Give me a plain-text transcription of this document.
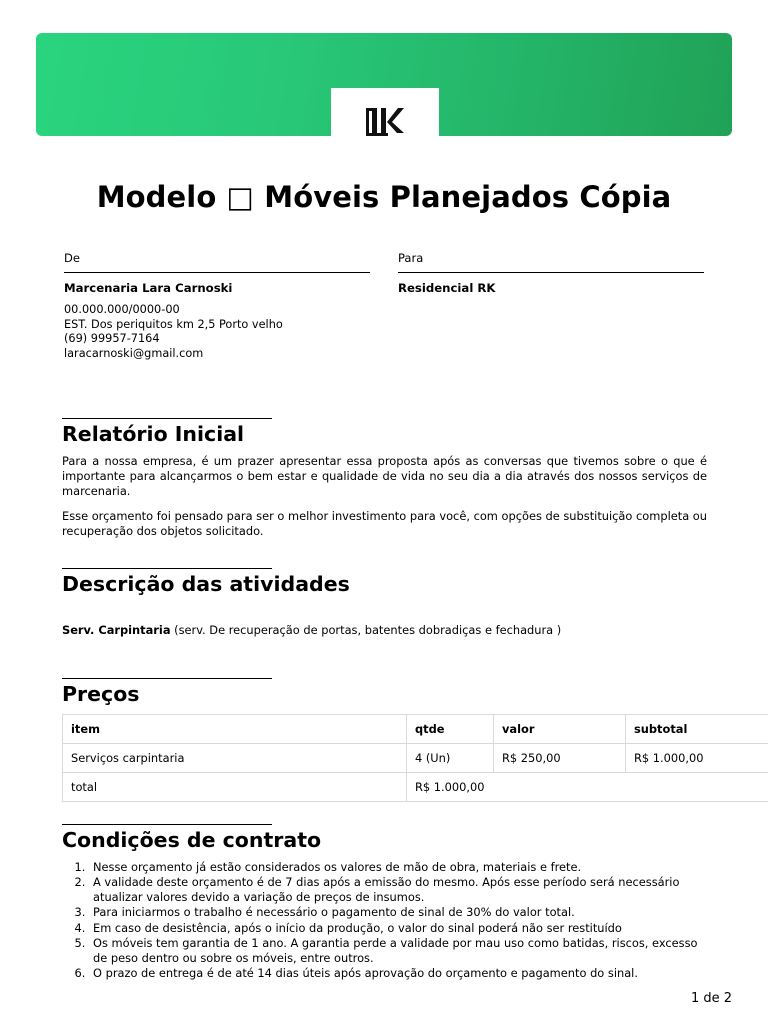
Modelo □ Móveis Planejados Cópia
De
Marcenaria Lara Carnoski
00.000.000/0000-00
EST. Dos periquitos km 2,5 Porto velho
(69) 99957-7164
laracarnoski@gmail.com
Para
Residencial RK
Relatório Inicial

Para a nossa empresa, é um prazer apresentar essa proposta após as conversas que tivemos sobre o que é importante para alcançarmos o bem estar e qualidade de vida no seu dia a dia através dos nossos serviços de marcenaria.

Esse orçamento foi pensado para ser o melhor investimento para você, com opções de substituição completa ou recuperação dos objetos solicitado.

Descrição das atividades
Serv. Carpintaria (serv. De recuperação de portas, batentes dobradiças e fechadura )
Preços
item	qtde	valor	subtotal
Serviços carpintaria	4 (Un)	R$ 250,00	R$ 1.000,00
total	R$ 1.000,00		
Condições de contrato
1. Nesse orçamento já estão considerados os valores de mão de obra, materiais e frete.
2. A validade deste orçamento é de 7 dias após a emissão do mesmo. Após esse período será necessário atualizar valores devido a variação de preços de insumos.
3. Para iniciarmos o trabalho é necessário o pagamento de sinal de 30% do valor total.
4. Em caso de desistência, após o início da produção, o valor do sinal poderá não ser restituído
5. Os móveis tem garantia de 1 ano. A garantia perde a validade por mau uso como batidas, riscos, excesso de peso dentro ou sobre os móveis, entre outros.
6. O prazo de entrega é de até 14 dias úteis após aprovação do orçamento e pagamento do sinal.
1 de 2
